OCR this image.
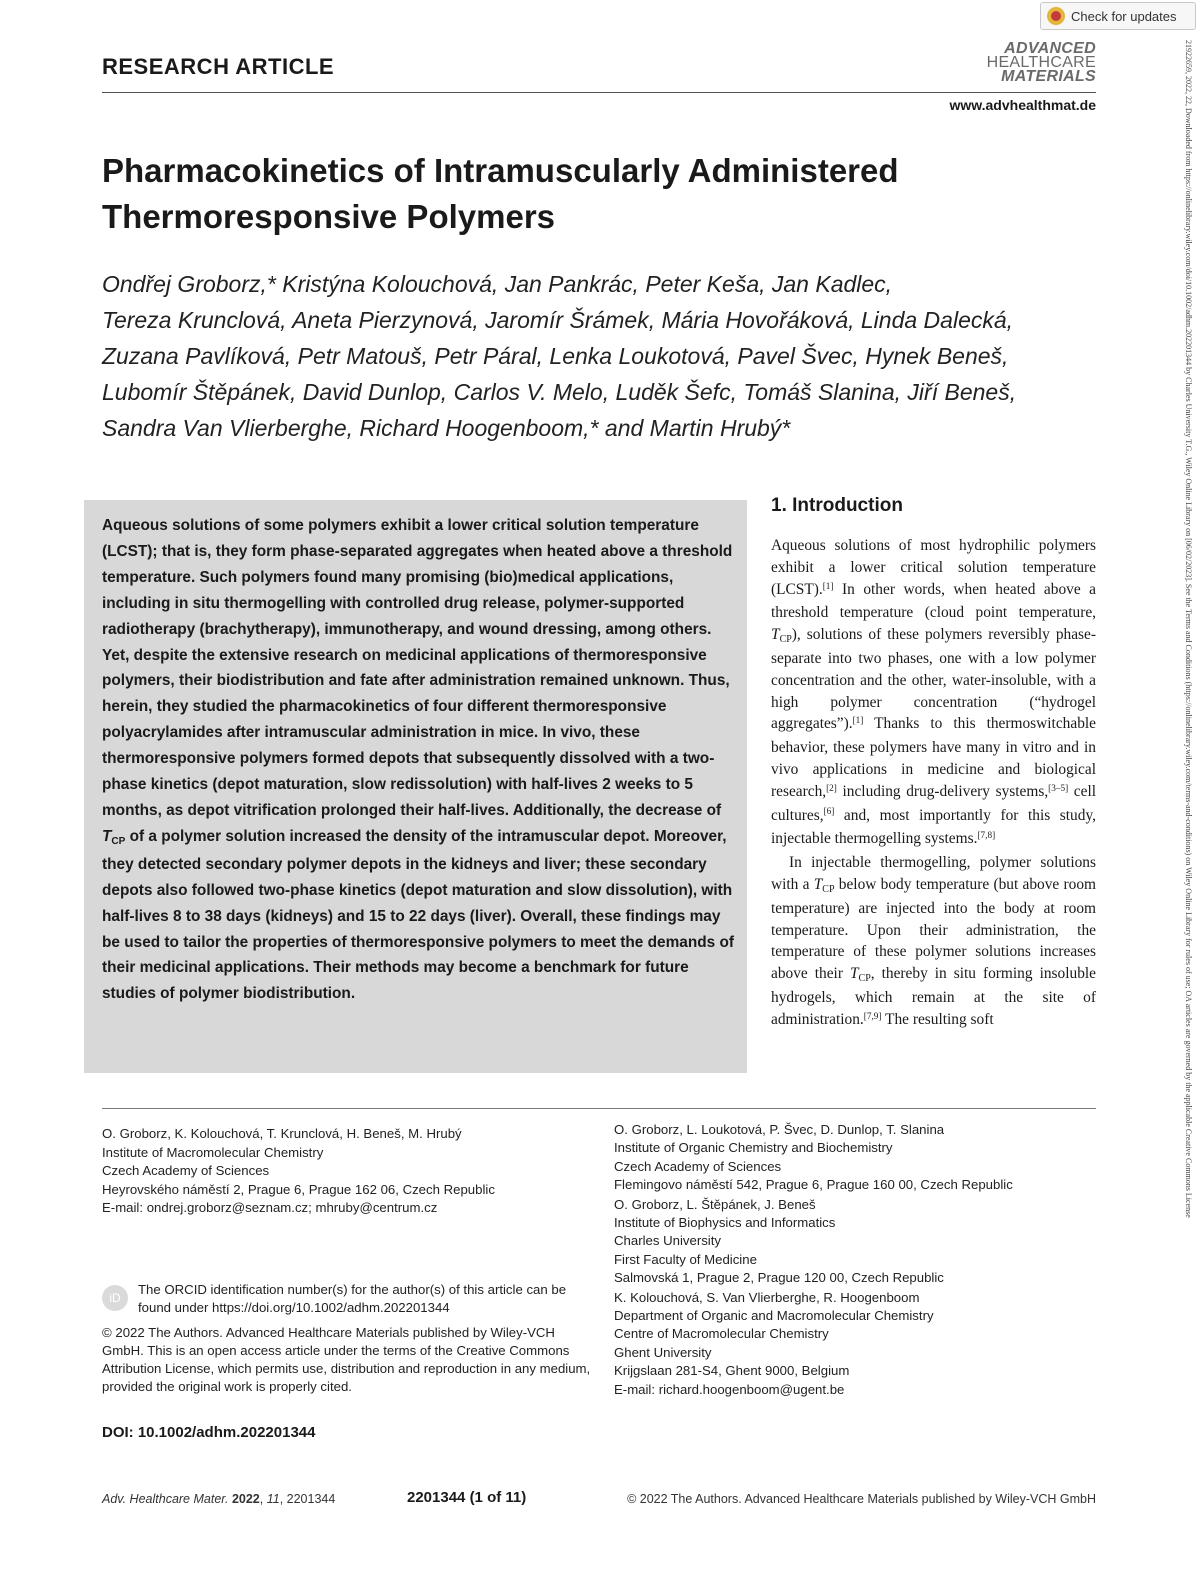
Check for updates
21922659, 2022, 22, Downloaded from https://onlinelibrary.wiley.com/doi/10.1002/adhm.202201344 by Charles University T.G., Wiley Online Library on [06/02/2023]. See the Terms and Conditions (https://onlinelibrary.wiley.com/terms-and-conditions) on Wiley Online Library for rules of use; OA articles are governed by the applicable Creative Commons License
RESEARCH ARTICLE
ADVANCED
HEALTHCARE
MATERIALS
www.advhealthmat.de
Pharmacokinetics of Intramuscularly Administered
Thermoresponsive Polymers
Ondřej Groborz,* Kristýna Kolouchová, Jan Pankrác, Peter Keša, Jan Kadlec,
Tereza Krunclová, Aneta Pierzynová, Jaromír Šrámek, Mária Hovořáková, Linda Dalecká,
Zuzana Pavlíková, Petr Matouš, Petr Páral, Lenka Loukotová, Pavel Švec, Hynek Beneš,
Lubomír Štěpánek, David Dunlop, Carlos V. Melo, Luděk Šefc, Tomáš Slanina, Jiří Beneš,
Sandra Van Vlierberghe, Richard Hoogenboom,* and Martin Hrubý*
Aqueous solutions of some polymers exhibit a lower critical solution temperature (LCST); that is, they form phase-separated aggregates when heated above a threshold temperature. Such polymers found many promising (bio)medical applications, including in situ thermogelling with controlled drug release, polymer-supported radiotherapy (brachytherapy), immunotherapy, and wound dressing, among others. Yet, despite the extensive research on medicinal applications of thermoresponsive polymers, their biodistribution and fate after administration remained unknown. Thus, herein, they studied the pharmacokinetics of four different thermoresponsive polyacrylamides after intramuscular administration in mice. In vivo, these thermoresponsive polymers formed depots that subsequently dissolved with a two-phase kinetics (depot maturation, slow redissolution) with half-lives 2 weeks to 5 months, as depot vitrification prolonged their half-lives. Additionally, the decrease of $T_{CP}$ of a polymer solution increased the density of the intramuscular depot. Moreover, they detected secondary polymer depots in the kidneys and liver; these secondary depots also followed two-phase kinetics (depot maturation and slow dissolution), with half-lives 8 to 38 days (kidneys) and 15 to 22 days (liver). Overall, these findings may be used to tailor the properties of thermoresponsive polymers to meet the demands of their medicinal applications. Their methods may become a benchmark for future studies of polymer biodistribution.
1. Introduction

Aqueous solutions of most hydrophilic polymers exhibit a lower critical solution temperature (LCST).[1] In other words, when heated above a threshold temperature (cloud point temperature, $T_{CP}$), solutions of these polymers reversibly phase-separate into two phases, one with a low polymer concentration and the other, water-insoluble, with a high polymer concentration (“hydrogel aggregates”).[1] Thanks to this thermoswitchable behavior, these polymers have many in vitro and in vivo applications in medicine and biological research,[2] including drug-delivery systems,[3–5] cell cultures,[6] and, most importantly for this study, injectable thermogelling systems.[7,8]

In injectable thermogelling, polymer solutions with a $T_{CP}$ below body temperature (but above room temperature) are injected into the body at room temperature. Upon their administration, the temperature of these polymer solutions increases above their $T_{CP}$, thereby in situ forming insoluble hydrogels, which remain at the site of administration.[7,9] The resulting soft

O. Groborz, K. Kolouchová, T. Krunclová, H. Beneš, M. Hrubý
Institute of Macromolecular Chemistry
Czech Academy of Sciences
Heyrovského náměstí 2, Prague 6, Prague 162 06, Czech Republic
E-mail: ondrej.groborz@seznam.cz; mhruby@centrum.cz
O. Groborz, L. Loukotová, P. Švec, D. Dunlop, T. Slanina
Institute of Organic Chemistry and Biochemistry
Czech Academy of Sciences
Flemingovo náměstí 542, Prague 6, Prague 160 00, Czech Republic
O. Groborz, L. Štěpánek, J. Beneš
Institute of Biophysics and Informatics
Charles University
First Faculty of Medicine
Salmovská 1, Prague 2, Prague 120 00, Czech Republic
K. Kolouchová, S. Van Vlierberghe, R. Hoogenboom
Department of Organic and Macromolecular Chemistry
Centre of Macromolecular Chemistry
Ghent University
Krijgslaan 281-S4, Ghent 9000, Belgium
E-mail: richard.hoogenboom@ugent.be
iD
The ORCID identification number(s) for the author(s) of this article can be found under https://doi.org/10.1002/adhm.202201344
© 2022 The Authors. Advanced Healthcare Materials published by Wiley-VCH GmbH. This is an open access article under the terms of the Creative Commons Attribution License, which permits use, distribution and reproduction in any medium, provided the original work is properly cited.
DOI: 10.1002/adhm.202201344
Adv. Healthcare Mater. 2022, 11, 2201344	2201344 (1 of 11)	© 2022 The Authors. Advanced Healthcare Materials published by Wiley-VCH GmbH
